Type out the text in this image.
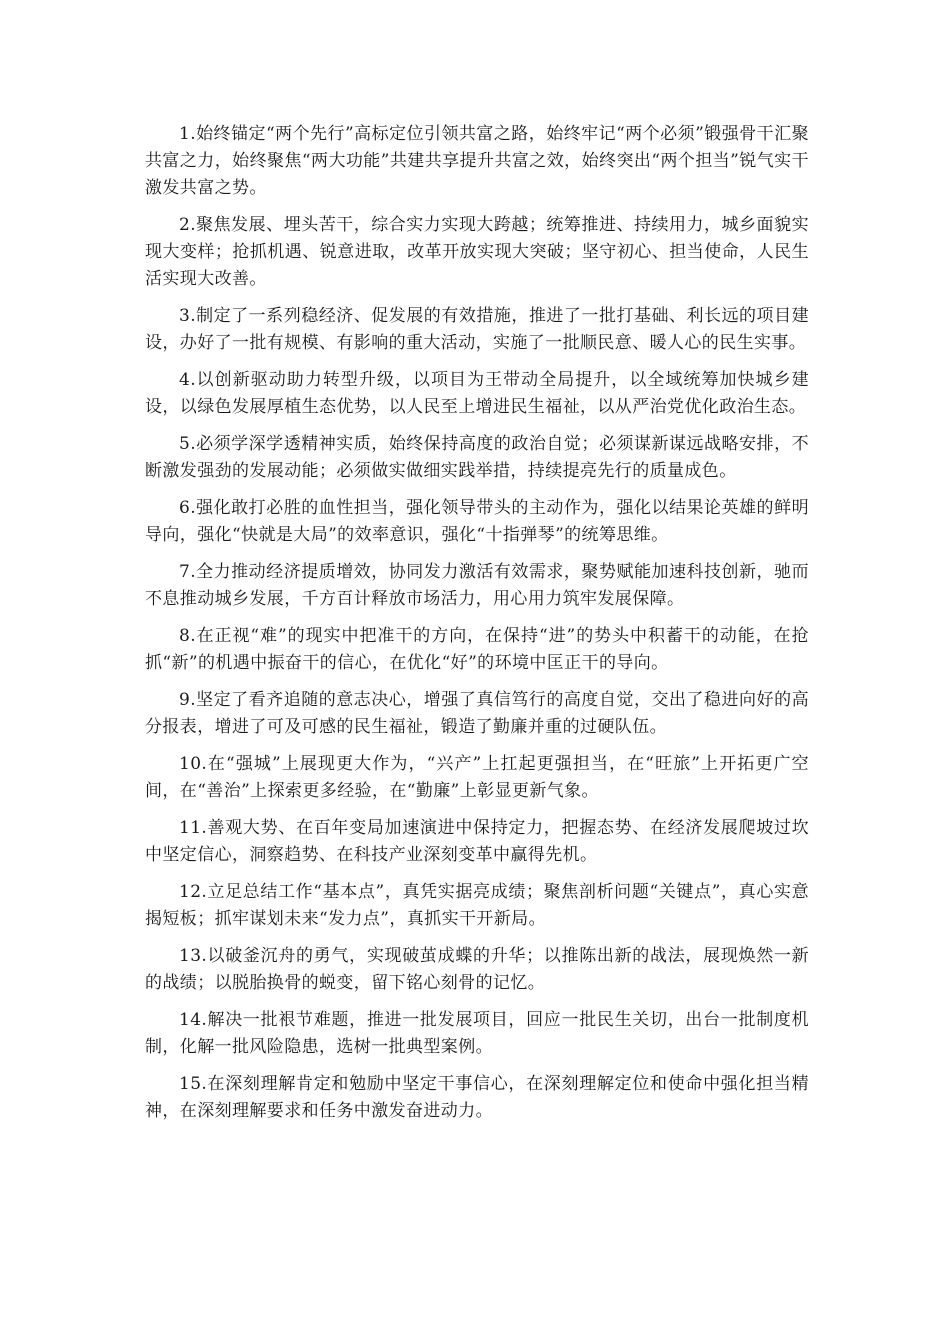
1.始终锚定“两个先行”高标定位引领共富之路，始终牢记“两个必须”锻强骨干汇聚共富之力，始终聚焦“两大功能”共建共享提升共富之效，始终突出“两个担当”锐气实干激发共富之势。

2.聚焦发展、埋头苦干，综合实力实现大跨越；统筹推进、持续用力，城乡面貌实现大变样；抢抓机遇、锐意进取，改革开放实现大突破；坚守初心、担当使命，人民生活实现大改善。

3.制定了一系列稳经济、促发展的有效措施，推进了一批打基础、利长远的项目建设，办好了一批有规模、有影响的重大活动，实施了一批顺民意、暖人心的民生实事。

4.以创新驱动助力转型升级，以项目为王带动全局提升，以全域统筹加快城乡建设，以绿色发展厚植生态优势，以人民至上增进民生福祉，以从严治党优化政治生态。

5.必须学深学透精神实质，始终保持高度的政治自觉；必须谋新谋远战略安排，不断激发强劲的发展动能；必须做实做细实践举措，持续提亮先行的质量成色。

6.强化敢打必胜的血性担当，强化领导带头的主动作为，强化以结果论英雄的鲜明导向，强化“快就是大局”的效率意识，强化“十指弹琴”的统筹思维。

7.全力推动经济提质增效，协同发力激活有效需求，聚势赋能加速科技创新，驰而不息推动城乡发展，千方百计释放市场活力，用心用力筑牢发展保障。

8.在正视“难”的现实中把准干的方向，在保持“进”的势头中积蓄干的动能，在抢抓“新”的机遇中振奋干的信心，在优化“好”的环境中匡正干的导向。

9.坚定了看齐追随的意志决心，增强了真信笃行的高度自觉，交出了稳进向好的高分报表，增进了可及可感的民生福祉，锻造了勤廉并重的过硬队伍。

10.在“强城”上展现更大作为，“兴产”上扛起更强担当，在“旺旅”上开拓更广空间，在“善治”上探索更多经验，在“勤廉”上彰显更新气象。

11.善观大势、在百年变局加速演进中保持定力，把握态势、在经济发展爬坡过坎中坚定信心，洞察趋势、在科技产业深刻变革中赢得先机。

12.立足总结工作“基本点”，真凭实据亮成绩；聚焦剖析问题“关键点”，真心实意揭短板；抓牢谋划未来“发力点”，真抓实干开新局。

13.以破釜沉舟的勇气，实现破茧成蝶的升华；以推陈出新的战法，展现焕然一新的战绩；以脱胎换骨的蜕变，留下铭心刻骨的记忆。

14.解决一批裉节难题，推进一批发展项目，回应一批民生关切，出台一批制度机制，化解一批风险隐患，选树一批典型案例。

15.在深刻理解肯定和勉励中坚定干事信心，在深刻理解定位和使命中强化担当精神，在深刻理解要求和任务中激发奋进动力。
